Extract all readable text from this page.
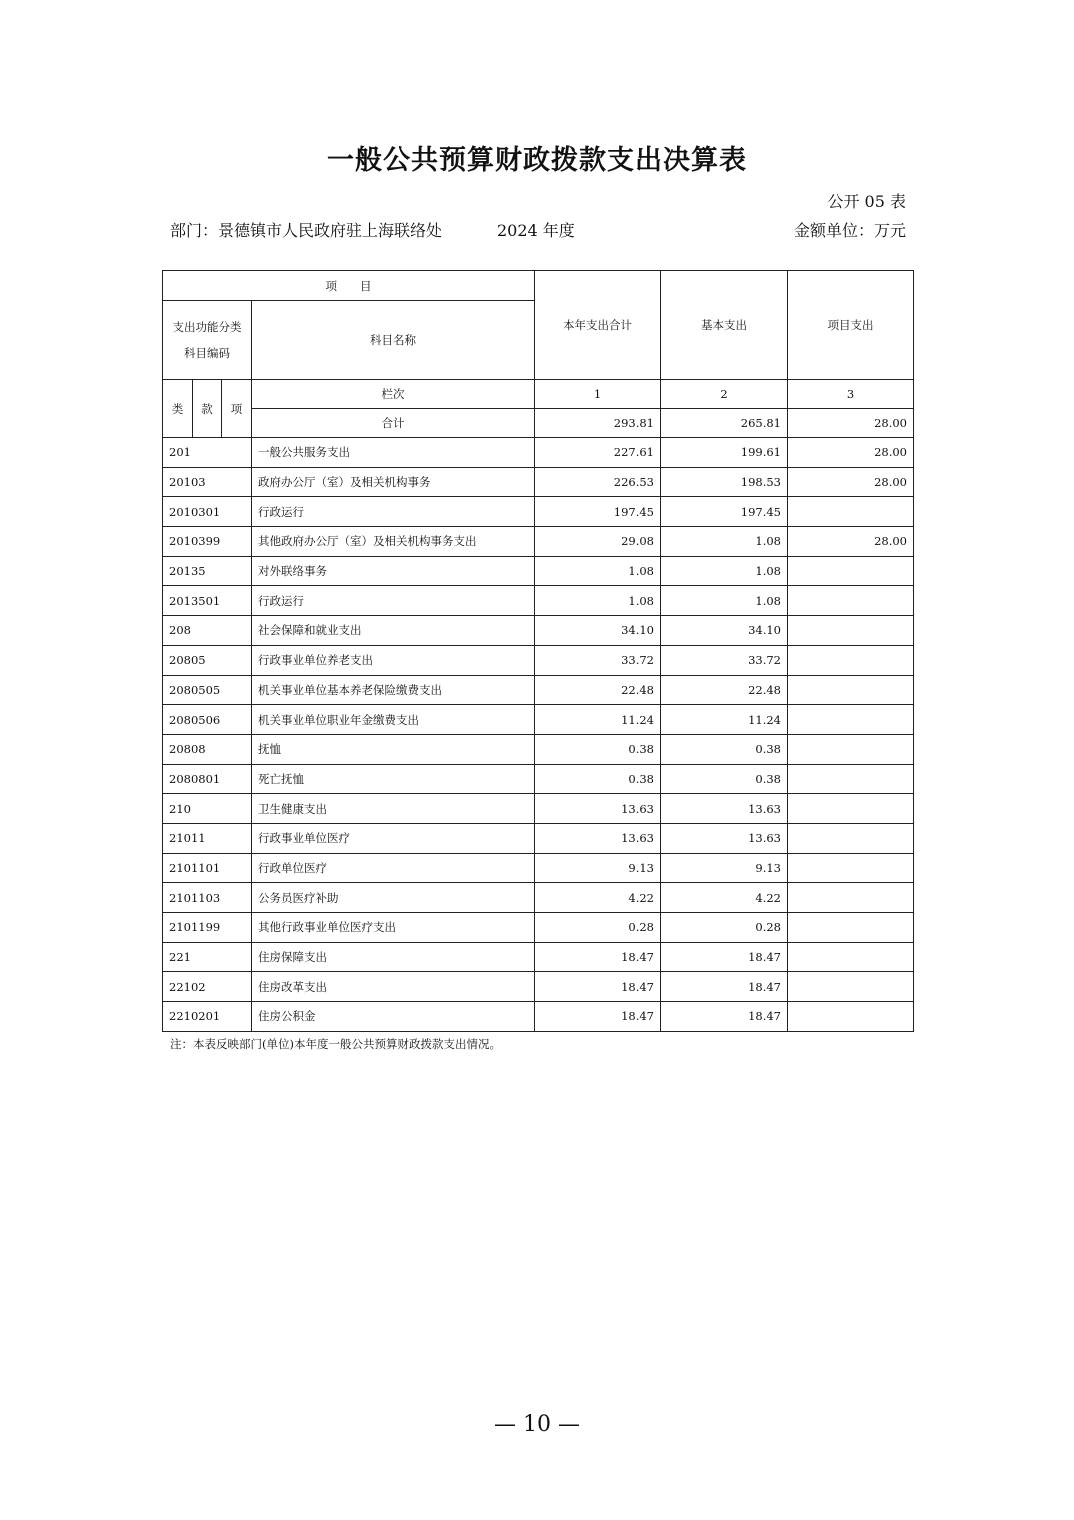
一般公共预算财政拨款支出决算表
公开 05 表
部门：景德镇市人民政府驻上海联络处	2024 年度	金额单位：万元
项　　目				本年支出合计	基本支出	项目支出
支出功能分类科目编码			科目名称			

类	款	项	栏次	1	2	3
			合计	293.81	265.81	28.00
201			一般公共服务支出	227.61	199.61	28.00
20103			政府办公厅（室）及相关机构事务	226.53	198.53	28.00
2010301			行政运行	197.45	197.45	
2010399			其他政府办公厅（室）及相关机构事务支出	29.08	1.08	28.00
20135			对外联络事务	1.08	1.08	
2013501			行政运行	1.08	1.08	
208			社会保障和就业支出	34.10	34.10	
20805			行政事业单位养老支出	33.72	33.72	
2080505			机关事业单位基本养老保险缴费支出	22.48	22.48	
2080506			机关事业单位职业年金缴费支出	11.24	11.24	
20808			抚恤	0.38	0.38	
2080801			死亡抚恤	0.38	0.38	
210			卫生健康支出	13.63	13.63	
21011			行政事业单位医疗	13.63	13.63	
2101101			行政单位医疗	9.13	9.13	
2101103			公务员医疗补助	4.22	4.22	
2101199			其他行政事业单位医疗支出	0.28	0.28	
221			住房保障支出	18.47	18.47	
22102			住房改革支出	18.47	18.47	
2210201			住房公积金	18.47	18.47	
注：本表反映部门(单位)本年度一般公共预算财政拨款支出情况。
— 10 —
